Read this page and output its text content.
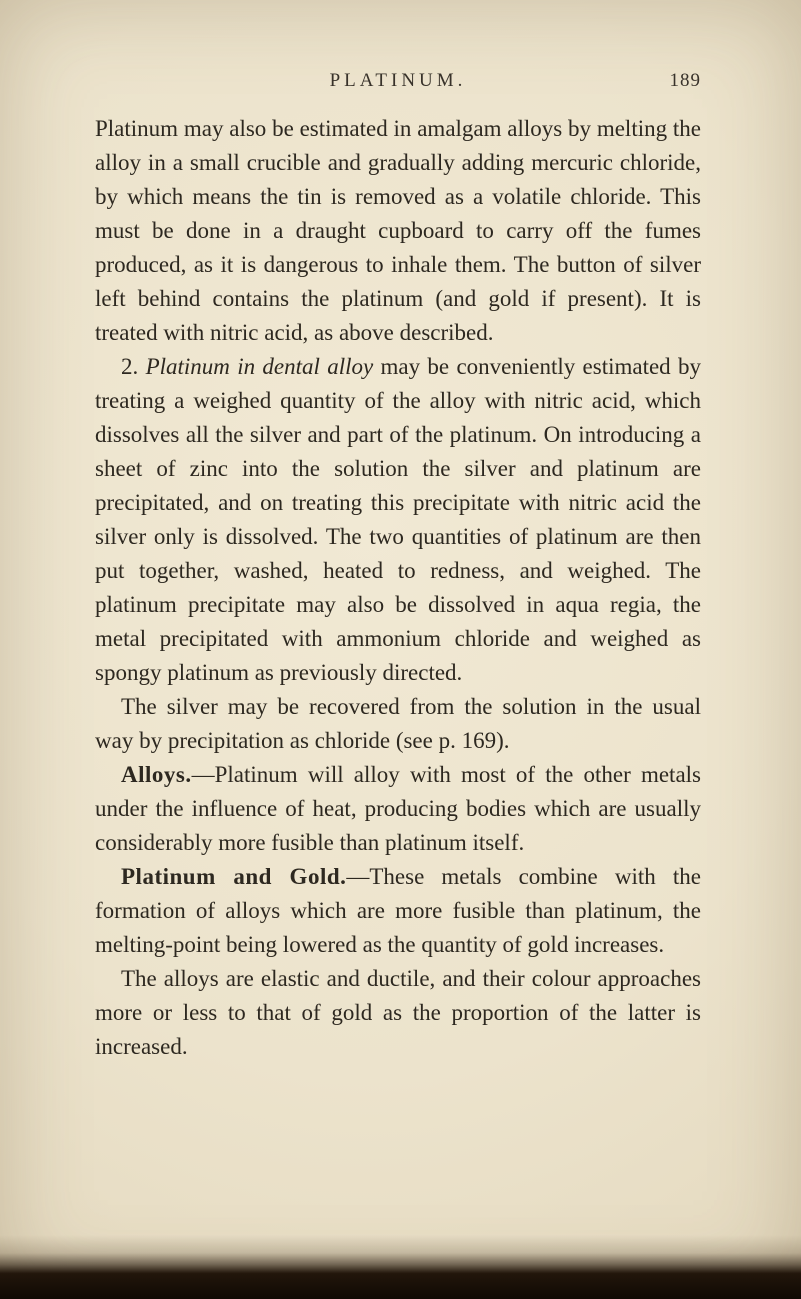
PLATINUM.	189

Platinum may also be estimated in amalgam alloys by melting the alloy in a small crucible and gradually adding mercuric chloride, by which means the tin is removed as a volatile chloride. This must be done in a draught cupboard to carry off the fumes produced, as it is dangerous to inhale them. The button of silver left behind contains the platinum (and gold if present). It is treated with nitric acid, as above described.

2. Platinum in dental alloy may be conveniently estimated by treating a weighed quantity of the alloy with nitric acid, which dissolves all the silver and part of the platinum. On introducing a sheet of zinc into the solution the silver and platinum are precipitated, and on treating this precipitate with nitric acid the silver only is dissolved. The two quantities of platinum are then put together, washed, heated to redness, and weighed. The platinum precipitate may also be dissolved in aqua regia, the metal precipitated with ammonium chloride and weighed as spongy platinum as previously directed.

The silver may be recovered from the solution in the usual way by precipitation as chloride (see p. 169).

Alloys.—Platinum will alloy with most of the other metals under the influence of heat, producing bodies which are usually considerably more fusible than platinum itself.

Platinum and Gold.—These metals combine with the formation of alloys which are more fusible than platinum, the melting-point being lowered as the quantity of gold increases.

The alloys are elastic and ductile, and their colour approaches more or less to that of gold as the proportion of the latter is increased.
